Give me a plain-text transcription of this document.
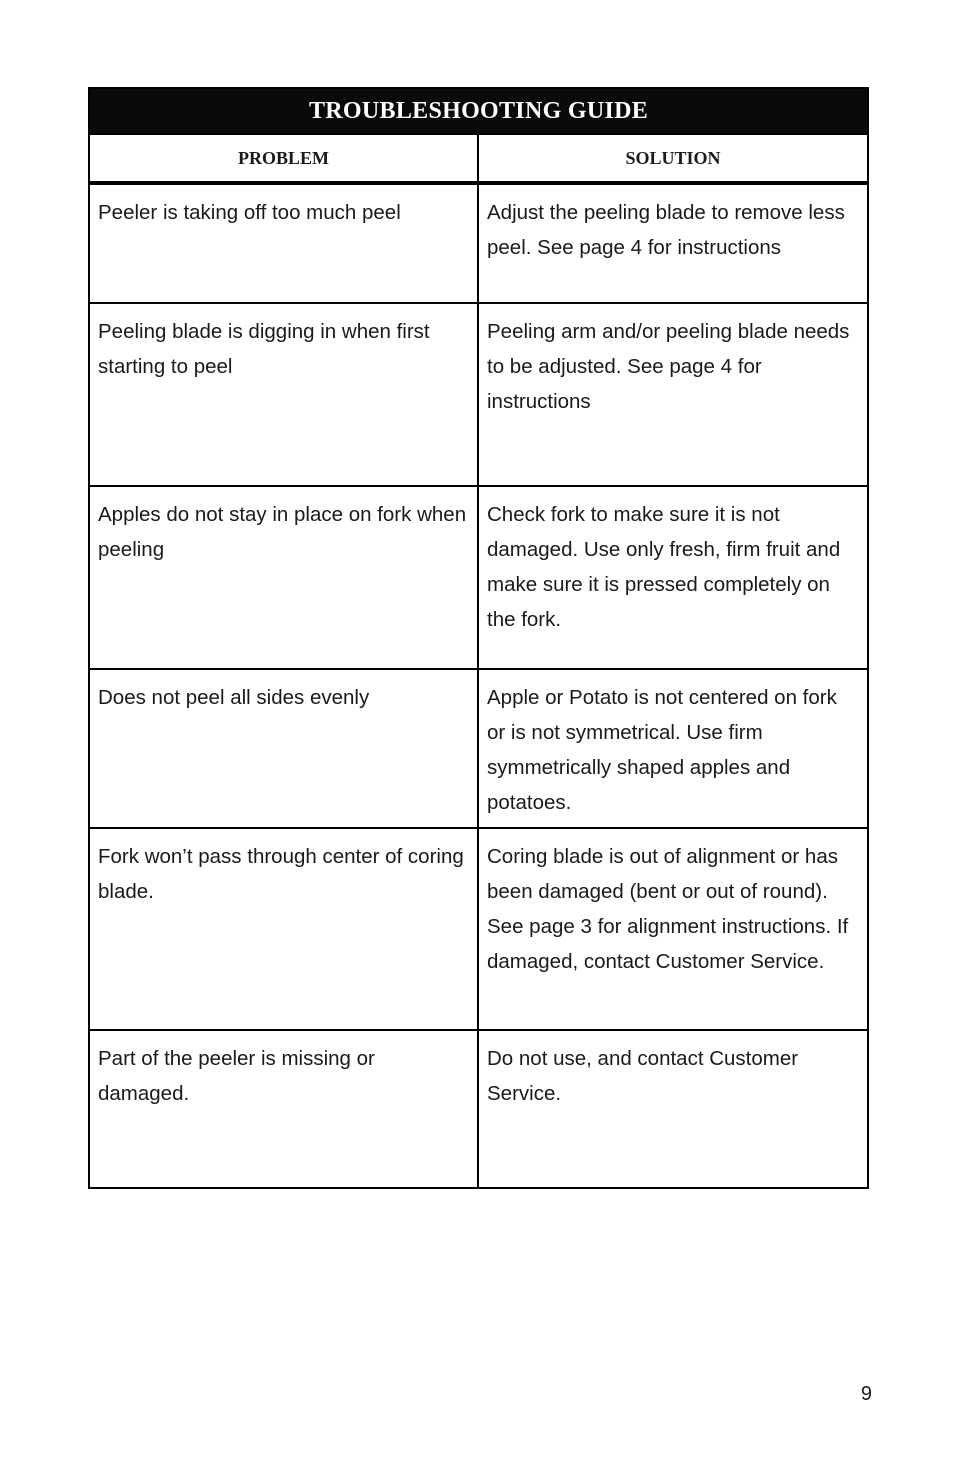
TROUBLESHOOTING GUIDE	
PROBLEM	SOLUTION
Peeler is taking off too much peel	Adjust the peeling blade to remove less peel. See page 4 for instructions
Peeling blade is digging in when first starting to peel	Peeling arm and/or peeling blade needs to be adjusted. See page 4 for instructions
Apples do not stay in place on fork when peeling	Check fork to make sure it is not damaged. Use only fresh, firm fruit and make sure it is pressed completely on the fork.
Does not peel all sides evenly	Apple or Potato is not centered on fork or is not symmetrical. Use firm symmetrically shaped apples and potatoes.
Fork won’t pass through center of coring blade.	Coring blade is out of alignment or has been damaged (bent or out of round). See page 3 for alignment instructions. If damaged, contact Customer Service.
Part of the peeler is missing or damaged.	Do not use, and contact Customer Service.
9
